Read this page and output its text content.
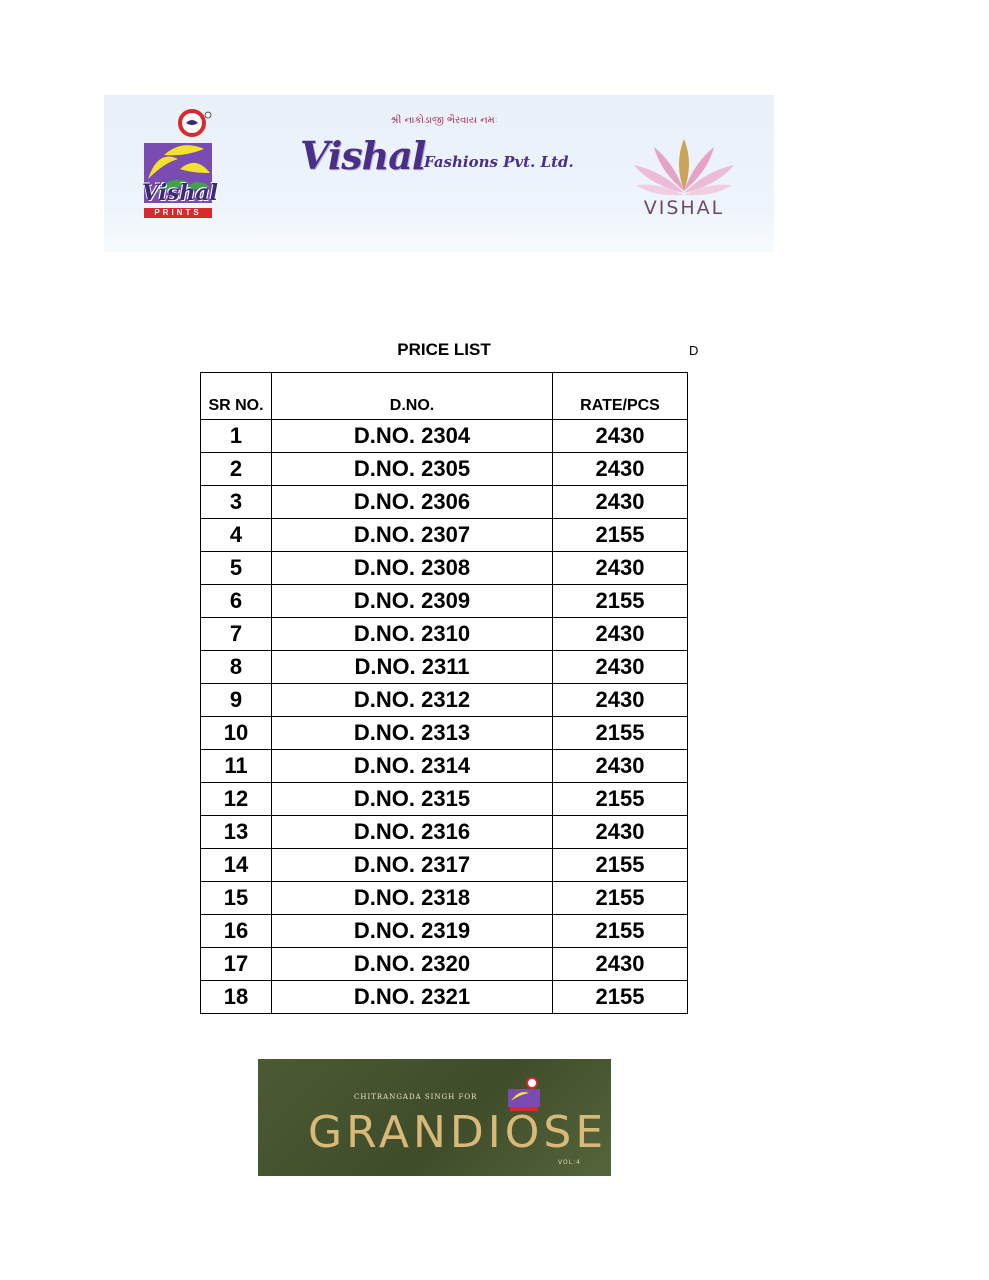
Vishal
PRINTS
શ્રી નાકોડાજી ભૈરવાય નમઃ
Vishal
Fashions Pvt. Ltd.
VISHAL
PRICE LIST	D
SR NO.	D.NO.	RATE/PCS
1	D.NO. 2304	2430
2	D.NO. 2305	2430
3	D.NO. 2306	2430
4	D.NO. 2307	2155
5	D.NO. 2308	2430
6	D.NO. 2309	2155
7	D.NO. 2310	2430
8	D.NO. 2311	2430
9	D.NO. 2312	2430
10	D.NO. 2313	2155
11	D.NO. 2314	2430
12	D.NO. 2315	2155
13	D.NO. 2316	2430
14	D.NO. 2317	2155
15	D.NO. 2318	2155
16	D.NO. 2319	2155
17	D.NO. 2320	2430
18	D.NO. 2321	2155
CHITRANGADA SINGH FOR
GRANDIOSE
VOL:4
